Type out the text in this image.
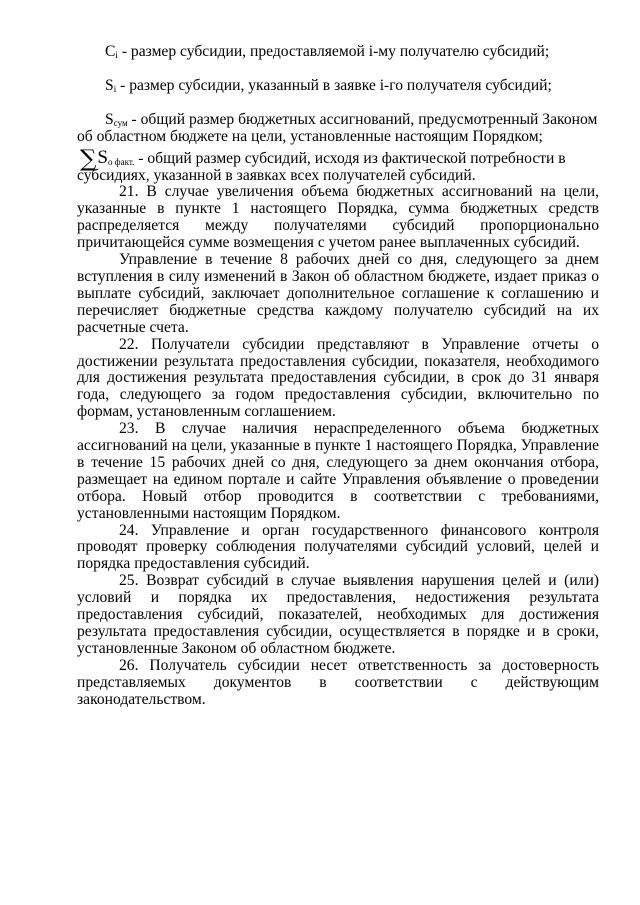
$C_i$ - размер субсидии, предоставляемой i-му получателю субсидий;

$S_i$ - размер субсидии, указанный в заявке i-го получателя субсидий;

$S_{сум}$ - общий размер бюджетных ассигнований, предусмотренный Законом об областном бюджете на цели, установленные настоящим Порядком;

$\sum S_{о факт.}$ - общий размер субсидий, исходя из фактической потребности в субсидиях, указанной в заявках всех получателей субсидий.

21. В случае увеличения объема бюджетных ассигнований на цели, указанные в пункте 1 настоящего Порядка, сумма бюджетных средств распределяется между получателями субсидий пропорционально причитающейся сумме возмещения с учетом ранее выплаченных субсидий.

Управление в течение 8 рабочих дней со дня, следующего за днем вступления в силу изменений в Закон об областном бюджете, издает приказ о выплате субсидий, заключает дополнительное соглашение к соглашению и перечисляет бюджетные средства каждому получателю субсидий на их расчетные счета.

22. Получатели субсидии представляют в Управление отчеты о достижении результата предоставления субсидии, показателя, необходимого для достижения результата предоставления субсидии, в срок до 31 января года, следующего за годом предоставления субсидии, включительно по формам, установленным соглашением.

23. В случае наличия нераспределенного объема бюджетных ассигнований на цели, указанные в пункте 1 настоящего Порядка, Управление в течение 15 рабочих дней со дня, следующего за днем окончания отбора, размещает на едином портале и сайте Управления объявление о проведении отбора. Новый отбор проводится в соответствии с требованиями, установленными настоящим Порядком.

24. Управление и орган государственного финансового контроля проводят проверку соблюдения получателями субсидий условий, целей и порядка предоставления субсидий.

25. Возврат субсидий в случае выявления нарушения целей и (или) условий и порядка их предоставления, недостижения результата предоставления субсидий, показателей, необходимых для достижения результата предоставления субсидии, осуществляется в порядке и в сроки, установленные Законом об областном бюджете.

26. Получатель субсидии несет ответственность за достоверность представляемых документов в соответствии с действующим законодательством.
